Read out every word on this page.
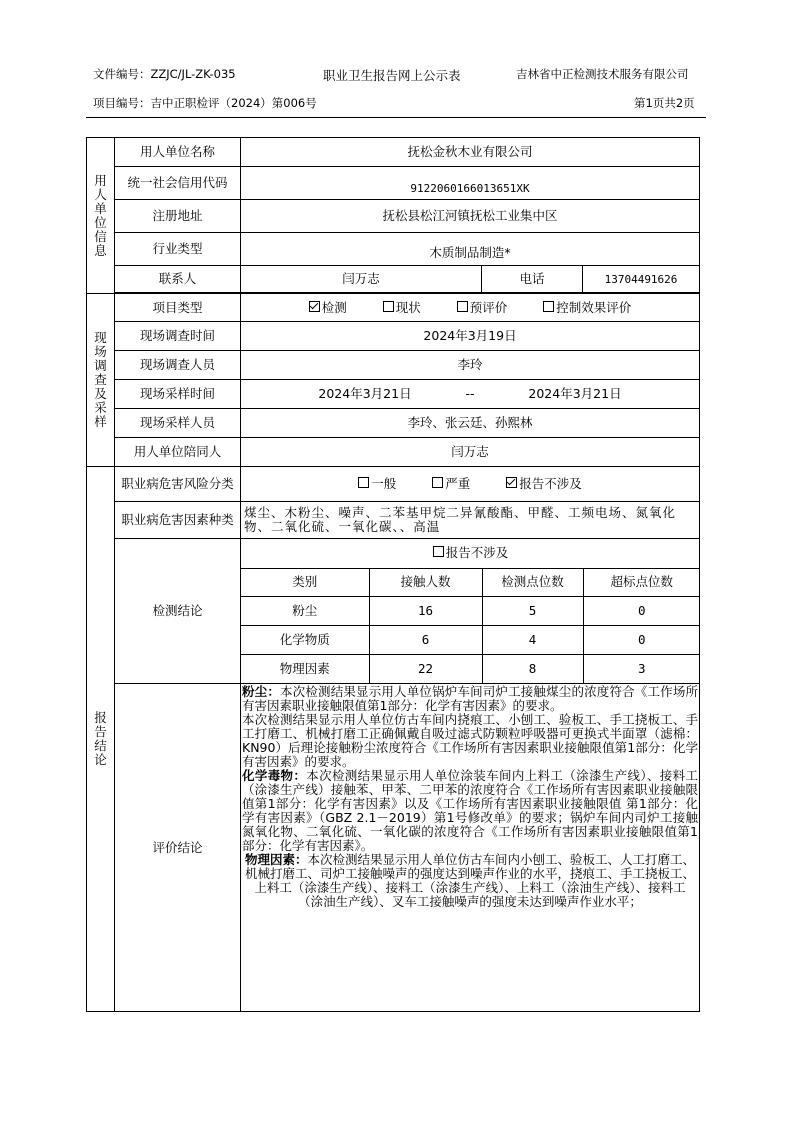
文件编号：ZZJC/JL-ZK-035	职业卫生报告网上公示表	吉林省中正检测技术服务有限公司
项目编号：吉中正职检评（2024）第006号	第1页共2页
用
人
单
位
信
息
	用人单位名称	抚松金秋木业有限公司
统一社会信用代码	9122060166013651XK
注册地址	抚松县松江河镇抚松工业集中区
行业类型	木质制品制造*
联系人	闫万志	电话	13704491626

现
场
调
查
及
采
样
	项目类型	检测	现状	预评价	控制效果评价
现场调查时间	2024年3月19日
现场调查人员	李玲
现场采样时间	2024年3月21日	--	2024年3月21日
现场采样人员	李玲、张云廷、孙熙林
用人单位陪同人	闫万志

报
告
结
论
	职业病危害风险分类	一般	严重	报告不涉及
职业病危害因素种类	煤尘、木粉尘、噪声、二苯基甲烷二异氰酸酯、甲醛、工频电场、氮氧化物、二氧化硫、一氧化碳、、高温
检测结论	
报告不涉及
类别	接触人数	检测点位数	超标点位数
粉尘	16	5	0
化学物质	6	4	0
物理因素	22	8	3

评价结论	

粉尘：本次检测结果显示用人单位锅炉车间司炉工接触煤尘的浓度符合《工作场所有害因素职业接触限值第1部分：化学有害因素》的要求。

本次检测结果显示用人单位仿古车间内挠痕工、小刨工、验板工、手工挠板工、手工打磨工、机械打磨工正确佩戴自吸过滤式防颗粒呼吸器可更换式半面罩（滤棉：KN90）后理论接触粉尘浓度符合《工作场所有害因素职业接触限值第1部分：化学有害因素》的要求。

化学毒物：本次检测结果显示用人单位涂装车间内上料工（涂漆生产线）、接料工（涂漆生产线）接触苯、甲苯、二甲苯的浓度符合《工作场所有害因素职业接触限值第1部分：化学有害因素》以及《工作场所有害因素职业接触限值 第1部分：化学有害因素》（GBZ 2.1－2019）第1号修改单》的要求；锅炉车间内司炉工接触氮氧化物、二氧化硫、一氧化碳的浓度符合《工作场所有害因素职业接触限值第1部分：化学有害因素》。

物理因素：本次检测结果显示用人单位仿古车间内小刨工、验板工、人工打磨工、机械打磨工、司炉工接触噪声的强度达到噪声作业的水平，挠痕工、手工挠板工、上料工（涂漆生产线）、接料工（涂漆生产线）、上料工（涂油生产线）、接料工（涂油生产线）、叉车工接触噪声的强度未达到噪声作业水平；
